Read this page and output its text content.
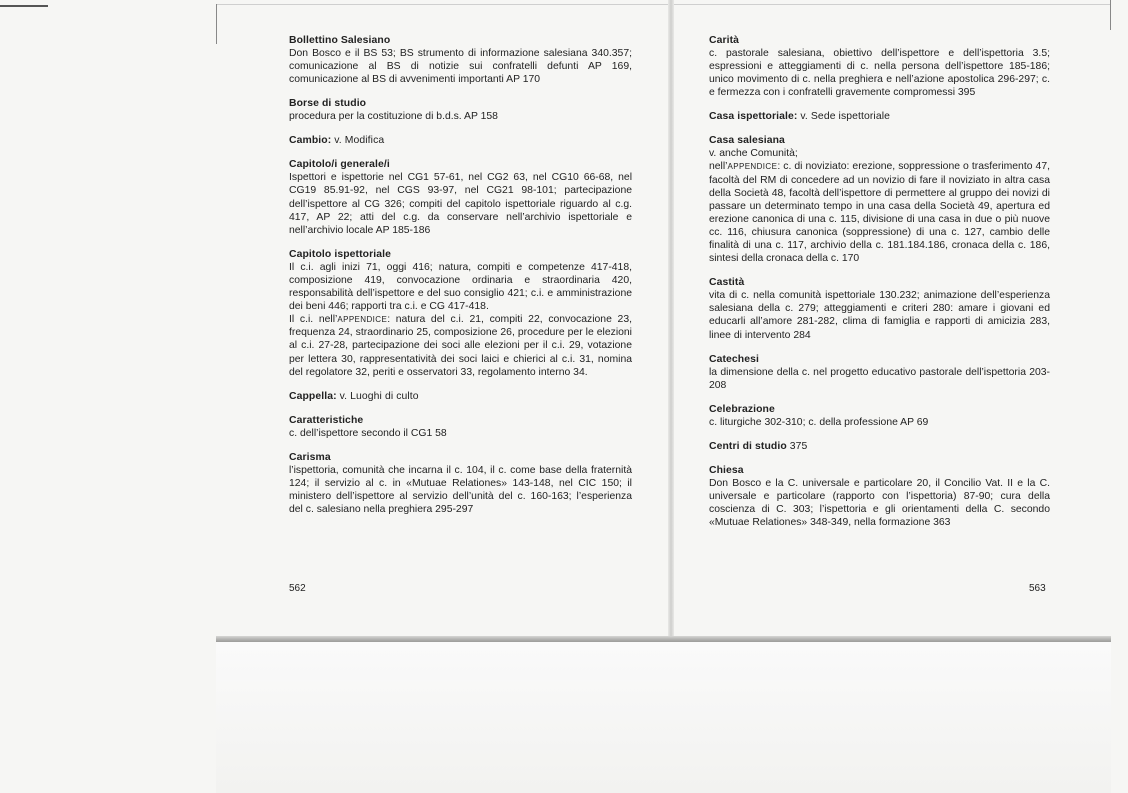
Bollettino Salesiano

Don Bosco e il BS 53; BS strumento di informazione salesiana 340.357; comunicazione al BS di notizie sui confratelli defunti AP 169, comunicazione al BS di avvenimenti importanti AP 170

Borse di studio

procedura per la costituzione di b.d.s. AP 158

Cambio: v. Modifica
Capitolo/i generale/i

Ispettori e ispettorie nel CG1 57-61, nel CG2 63, nel CG10 66-68, nel CG19 85.91-92, nel CGS 93-97, nel CG21 98-101; partecipazione dell’ispettore al CG 326; compiti del capitolo ispettoriale riguardo al c.g. 417, AP 22; atti del c.g. da conservare nell’archivio ispettoriale e nell’archivio locale AP 185-186

Capitolo ispettoriale

Il c.i. agli inizi 71, oggi 416; natura, compiti e competenze 417-418, composizione 419, convocazione ordinaria e straordinaria 420, responsabilità dell’ispettore e del suo consiglio 421; c.i. e amministrazione dei beni 446; rapporti tra c.i. e CG 417-418.

Il c.i. nell’APPENDICE: natura del c.i. 21, compiti 22, convocazione 23, frequenza 24, straordinario 25, composizione 26, procedure per le elezioni al c.i. 27-28, partecipazione dei soci alle elezioni per il c.i. 29, votazione per lettera 30, rappresentatività dei soci laici e chierici al c.i. 31, nomina del regolatore 32, periti e osservatori 33, regolamento interno 34.

Cappella: v. Luoghi di culto
Caratteristiche

c. dell’ispettore secondo il CG1 58

Carisma

l’ispettoria, comunità che incarna il c. 104, il c. come base della fraternità 124; il servizio al c. in «Mutuae Relationes» 143-148, nel CIC 150; il ministero dell’ispettore al servizio dell’unità del c. 160-163; l’esperienza del c. salesiano nella preghiera 295-297

562
Carità

c. pastorale salesiana, obiettivo dell’ispettore e dell’ispettoria 3.5; espressioni e atteggiamenti di c. nella persona dell’ispettore 185-186; unico movimento di c. nella preghiera e nell’azione apostolica 296-297; c. e fermezza con i confratelli gravemente compromessi 395

Casa ispettoriale: v. Sede ispettoriale
Casa salesiana

v. anche Comunità;

nell’APPENDICE: c. di noviziato: erezione, soppressione o trasferimento 47, facoltà del RM di concedere ad un novizio di fare il noviziato in altra casa della Società 48, facoltà dell’ispettore di permettere al gruppo dei novizi di passare un determinato tempo in una casa della Società 49, apertura ed erezione canonica di una c. 115, divisione di una casa in due o più nuove cc. 116, chiusura canonica (soppressione) di una c. 127, cambio delle finalità di una c. 117, archivio della c. 181.184.186, cronaca della c. 186, sintesi della cronaca della c. 170

Castità

vita di c. nella comunità ispettoriale 130.232; animazione dell’esperienza salesiana della c. 279; atteggiamenti e criteri 280: amare i giovani ed educarli all’amore 281-282, clima di famiglia e rapporti di amicizia 283, linee di intervento 284

Catechesi

la dimensione della c. nel progetto educativo pastorale dell’ispettoria 203-208

Celebrazione

c. liturgiche 302-310; c. della professione AP 69

Centri di studio 375
Chiesa

Don Bosco e la C. universale e particolare 20, il Concilio Vat. II e la C. universale e particolare (rapporto con l’ispettoria) 87-90; cura della coscienza di C. 303; l’ispettoria e gli orientamenti della C. secondo «Mutuae Relationes» 348-349, nella formazione 363

563
